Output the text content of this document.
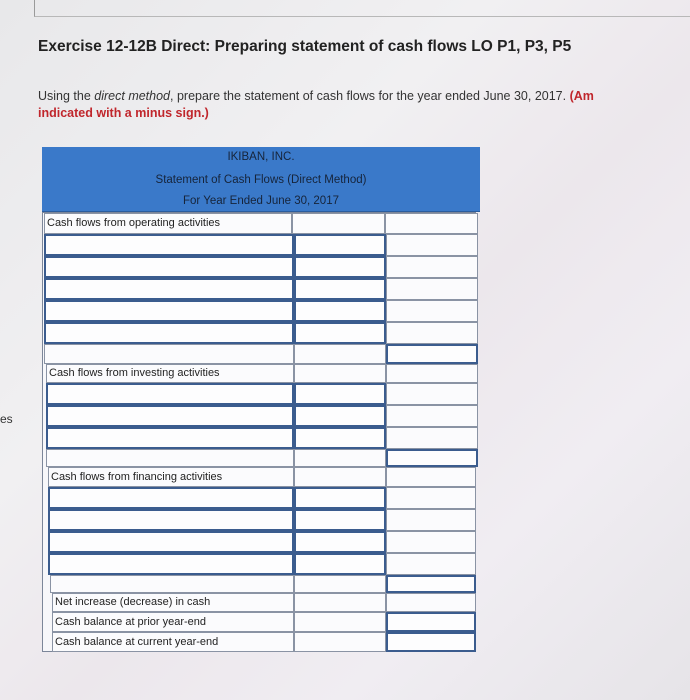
es
Exercise 12-12B Direct: Preparing statement of cash flows LO P1, P3, P5
Using the direct method, prepare the statement of cash flows for the year ended June 30, 2017. (Am
indicated with a minus sign.)
IKIBAN, INC.
Statement of Cash Flows (Direct Method)
For Year Ended June 30, 2017
Cash flows from operating activities
Cash flows from investing activities
Cash flows from financing activities
Net increase (decrease) in cash
Cash balance at prior year-end
Cash balance at current year-end
